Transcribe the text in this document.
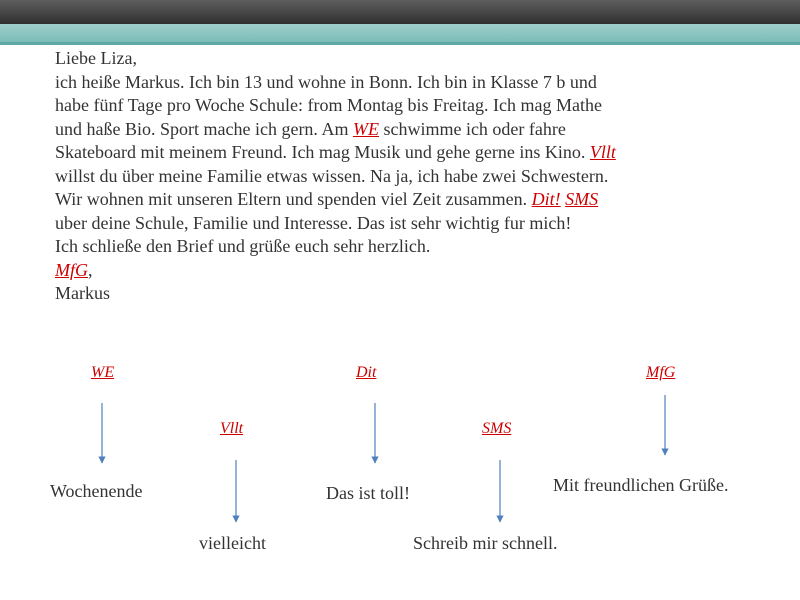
Liebe Liza,

ich heiße Markus. Ich bin 13 und wohne in Bonn. Ich bin in Klasse 7 b und

habe fünf Tage pro Woche Schule: from Montag bis Freitag. Ich mag Mathe

und haße Bio. Sport mache ich gern. Am WE schwimme ich oder fahre

Skateboard mit meinem Freund. Ich mag Musik und gehe gerne ins Kino. Vllt

willst du über meine Familie etwas wissen. Na ja, ich habe zwei Schwestern.

Wir wohnen mit unseren Eltern und spenden viel Zeit zusammen. Dit! SMS

uber deine Schule, Familie und Interesse. Das ist sehr wichtig fur mich!

Ich schließe den Brief und grüße euch sehr herzlich.

MfG,

Markus

WE
Wochenende
Vllt
vielleicht
Dit
Das ist toll!
SMS
Schreib mir schnell.
MfG
Mit freundlichen Grüße.
